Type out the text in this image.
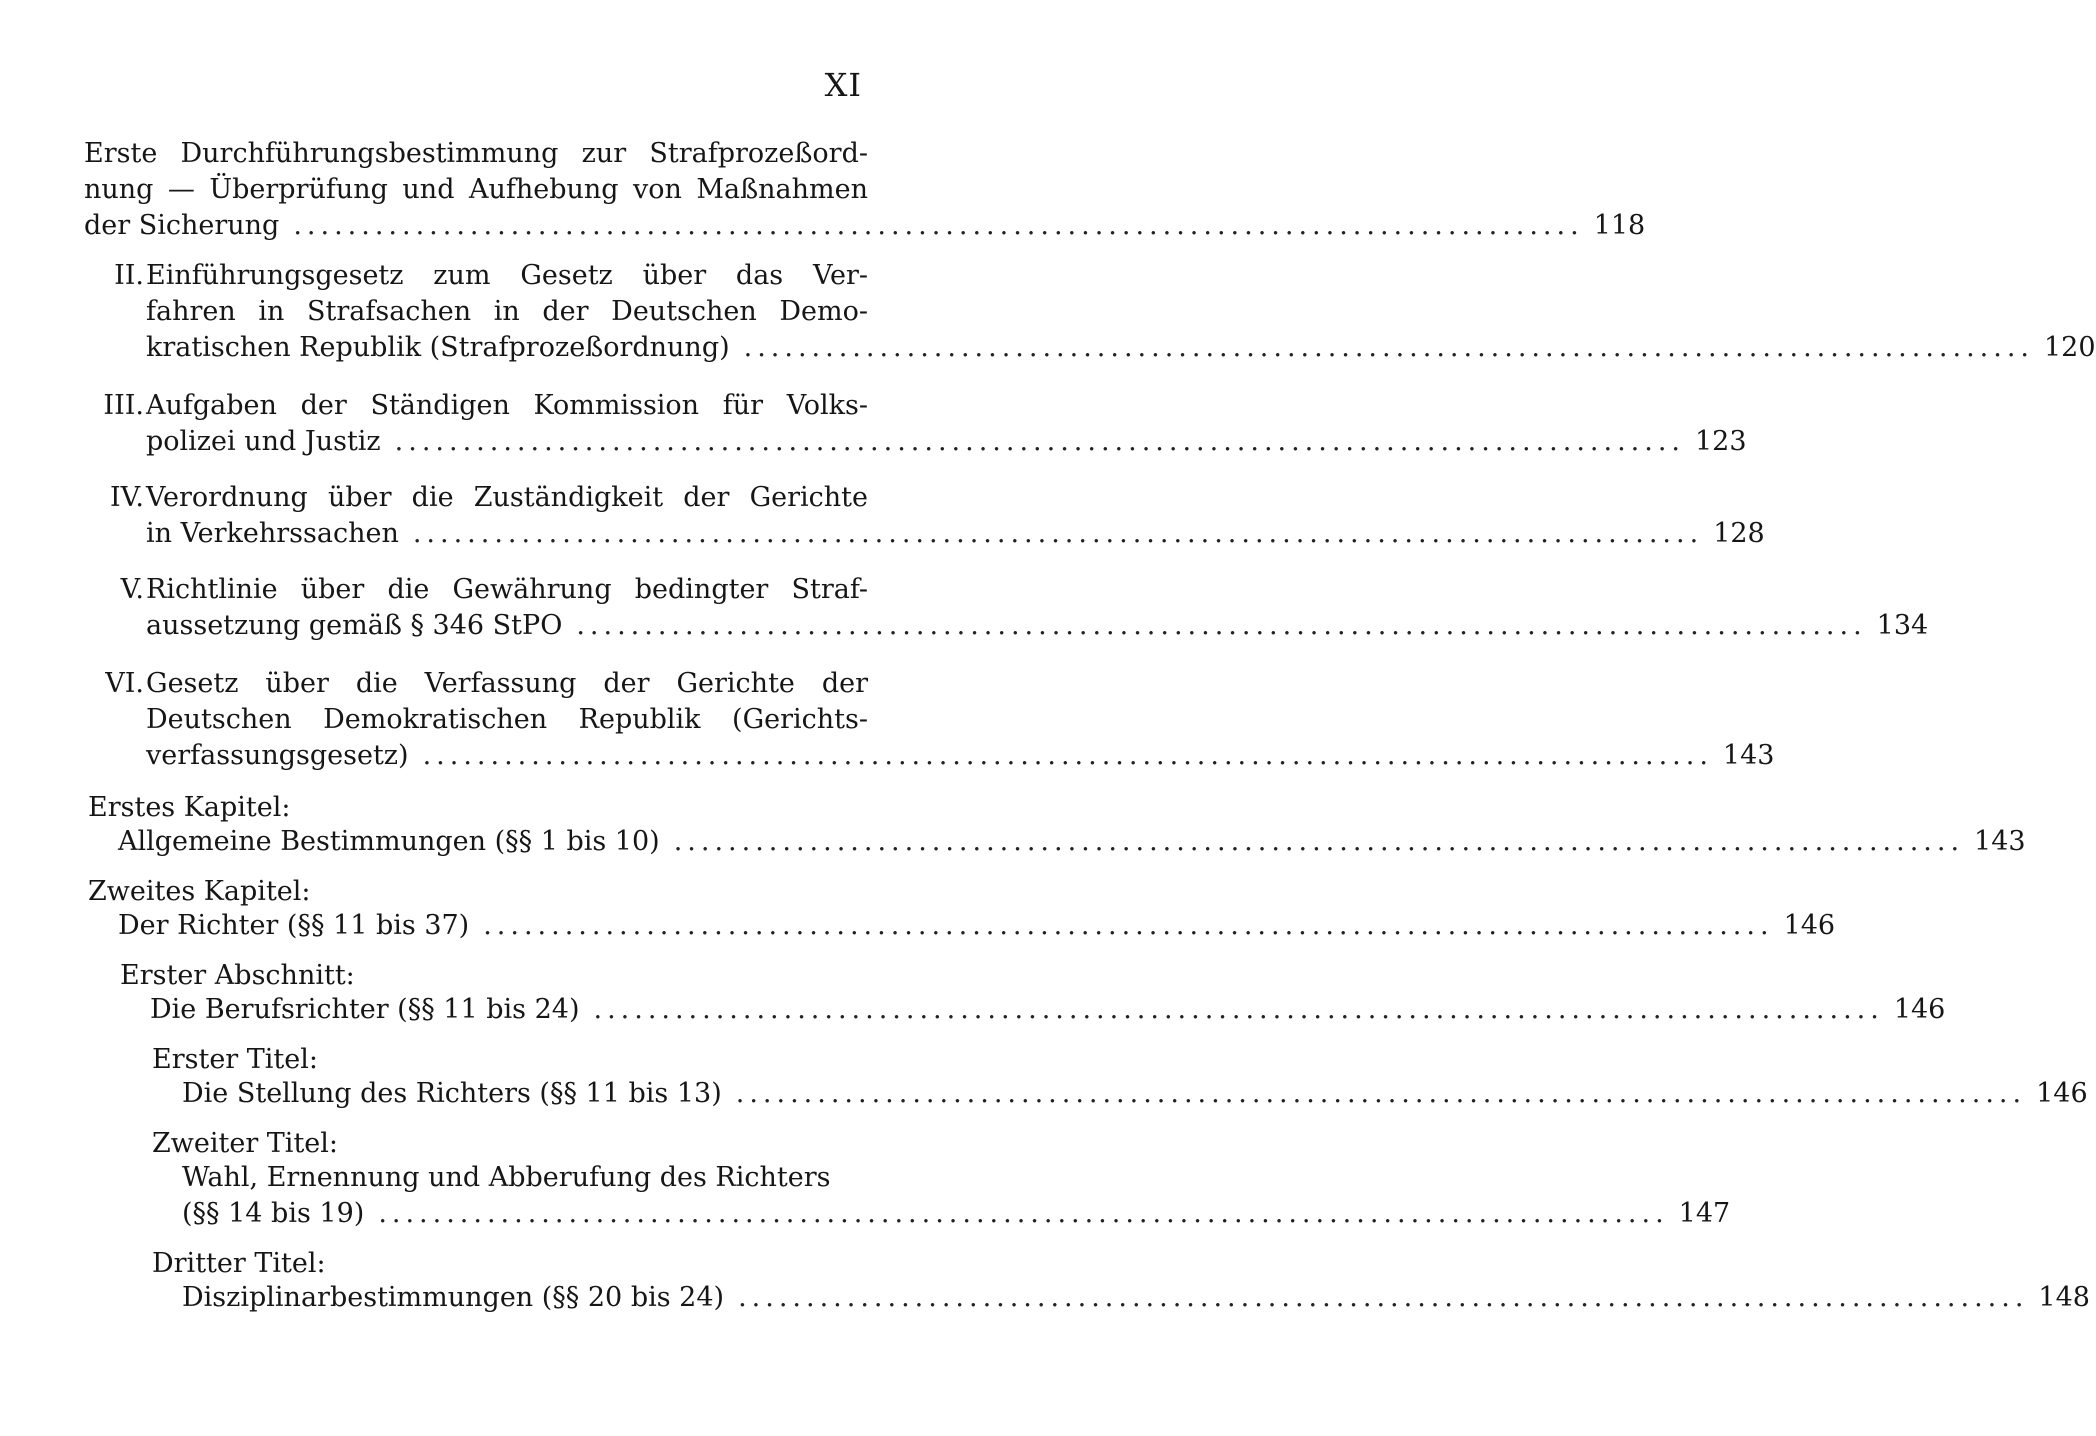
XI
Erste Durchführungsbestimmung zur Strafprozeßord-
nung — Überprüfung und Aufhebung von Maßnahmen
der Sicherung ............................................................................................... 118
II. Einführungsgesetz zum Gesetz über das Ver-
fahren in Strafsachen in der Deutschen Demo-
kratischen Republik (Strafprozeßordnung) ............................................................................................... 120
III. Aufgaben der Ständigen Kommission für Volks-
polizei und Justiz ............................................................................................... 123
IV. Verordnung über die Zuständigkeit der Gerichte
in Verkehrssachen ............................................................................................... 128
V. Richtlinie über die Gewährung bedingter Straf-
aussetzung gemäß § 346 StPO ............................................................................................... 134
VI. Gesetz über die Verfassung der Gerichte der
Deutschen Demokratischen Republik (Gerichts-
verfassungsgesetz) ............................................................................................... 143
Erstes Kapitel:
Allgemeine Bestimmungen (§§ 1 bis 10) ............................................................................................... 143
Zweites Kapitel:
Der Richter (§§ 11 bis 37) ............................................................................................... 146
Erster Abschnitt:
Die Berufsrichter (§§ 11 bis 24) ............................................................................................... 146
Erster Titel:
Die Stellung des Richters (§§ 11 bis 13) ............................................................................................... 146
Zweiter Titel:
Wahl, Ernennung und Abberufung des Richters
(§§ 14 bis 19) ............................................................................................... 147
Dritter Titel:
Disziplinarbestimmungen (§§ 20 bis 24) ............................................................................................... 148
